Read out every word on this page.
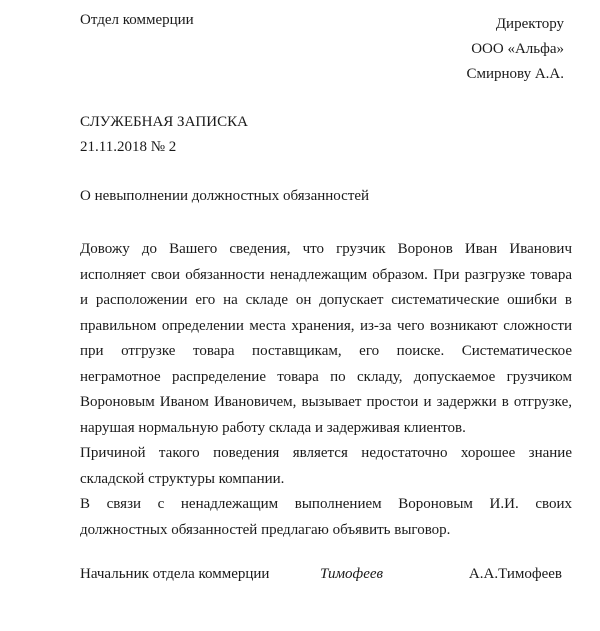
Отдел коммерции	Директору
ООО «Альфа»
Смирнову А.А.
СЛУЖЕБНАЯ ЗАПИСКА
21.11.2018 № 2
О невыполнении должностных обязанностей

Довожу до Вашего сведения, что грузчик Воронов Иван Иванович исполняет свои обязанности ненадлежащим образом. При разгрузке товара и расположении его на складе он допускает систематические ошибки в правильном определении места хранения, из-за чего возникают сложности при отгрузке товара поставщикам, его поиске. Систематическое неграмотное распределение товара по складу, допускаемое грузчиком Вороновым Иваном Ивановичем, вызывает простои и задержки в отгрузке, нарушая нормальную работу склада и задерживая клиентов.

Причиной такого поведения является недостаточно хорошее знание складской структуры компании.

В связи с ненадлежащим выполнением Вороновым И.И. своих должностных обязанностей предлагаю объявить выговор.

Начальник отдела коммерции	Тимофеев	А.А.Тимофеев
